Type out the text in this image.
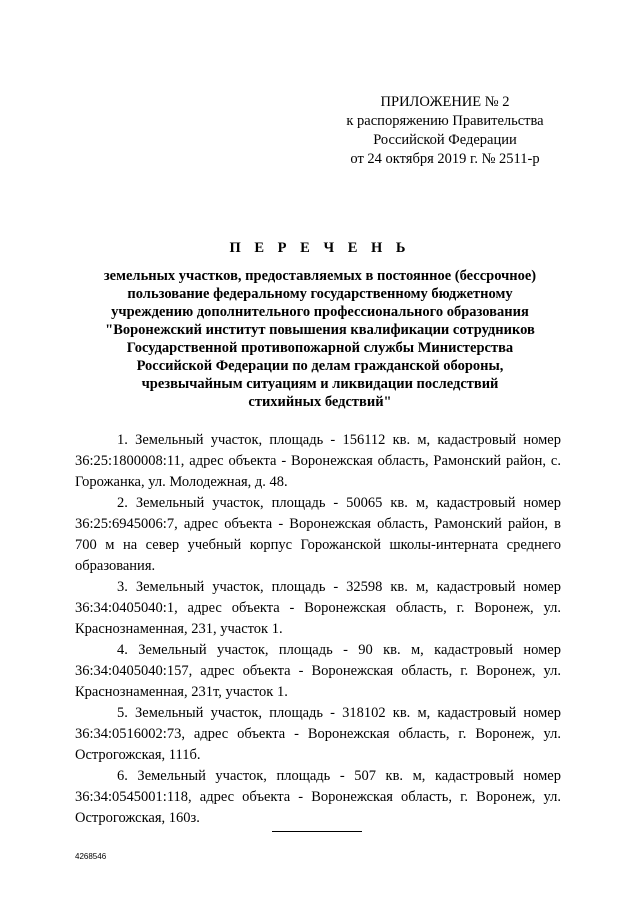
ПРИЛОЖЕНИЕ № 2
к распоряжению Правительства
Российской Федерации
от 24 октября 2019 г. № 2511-р
П Е Р Е Ч Е Н Ь
земельных участков, предоставляемых в постоянное (бессрочное)
пользование федеральному государственному бюджетному
учреждению дополнительного профессионального образования
"Воронежский институт повышения квалификации сотрудников
Государственной противопожарной службы Министерства
Российской Федерации по делам гражданской обороны,
чрезвычайным ситуациям и ликвидации последствий
стихийных бедствий"

1. Земельный участок, площадь - 156112 кв. м, кадастровый номер 36:25:1800008:11, адрес объекта - Воронежская область, Рамонский район, с. Горожанка, ул. Молодежная, д. 48.

2. Земельный участок, площадь - 50065 кв. м, кадастровый номер 36:25:6945006:7, адрес объекта - Воронежская область, Рамонский район, в 700 м на север учебный корпус Горожанской школы-интерната среднего образования.

3. Земельный участок, площадь - 32598 кв. м, кадастровый номер 36:34:0405040:1, адрес объекта - Воронежская область, г. Воронеж, ул. Краснознаменная, 231, участок 1.

4. Земельный участок, площадь - 90 кв. м, кадастровый номер 36:34:0405040:157, адрес объекта - Воронежская область, г. Воронеж, ул. Краснознаменная, 231т, участок 1.

5. Земельный участок, площадь - 318102 кв. м, кадастровый номер 36:34:0516002:73, адрес объекта - Воронежская область, г. Воронеж, ул. Острогожская, 111б.

6. Земельный участок, площадь - 507 кв. м, кадастровый номер 36:34:0545001:118, адрес объекта - Воронежская область, г. Воронеж, ул. Острогожская, 160з.

4268546
